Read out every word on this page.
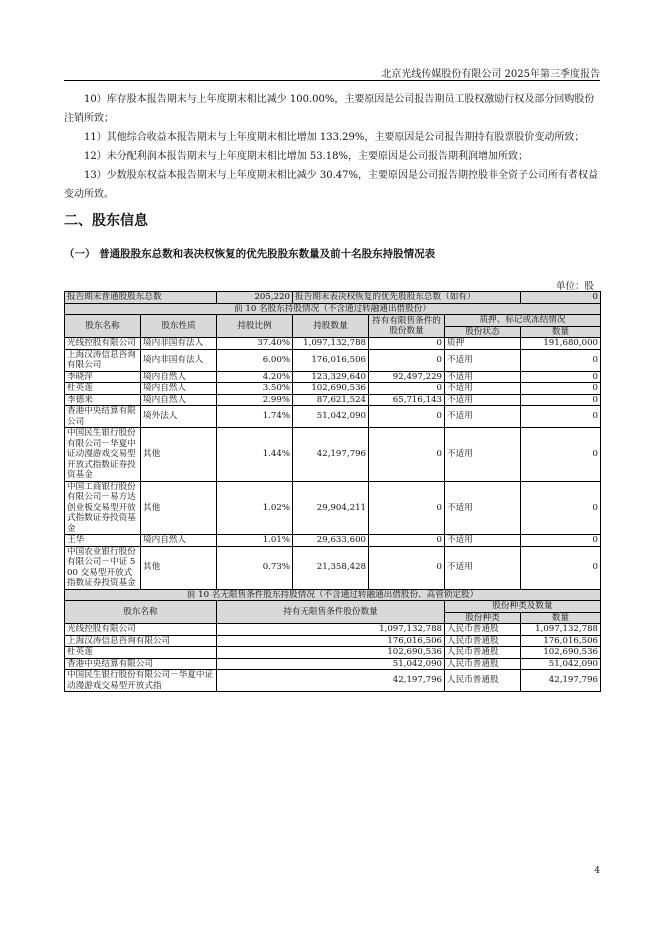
北京光线传媒股份有限公司 2025年第三季度报告
10）库存股本报告期末与上年度期末相比减少 100.00%，主要原因是公司报告期员工股权激励行权及部分回购股份注销所致；
11）其他综合收益本报告期末与上年度期末相比增加 133.29%，主要原因是公司报告期持有股票股价变动所致；
12）未分配利润本报告期末与上年度期末相比增加 53.18%，主要原因是公司报告期利润增加所致；
13）少数股东权益本报告期末与上年度期末相比减少 30.47%，主要原因是公司报告期控股非全资子公司所有者权益变动所致。
二、股东信息
（一） 普通股股东总数和表决权恢复的优先股股东数量及前十名股东持股情况表
单位：股
报告期末普通股股东总数		205,220	报告期末表决权恢复的优先股股东总数（如有）			0
前 10 名股东持股情况（不含通过转融通出借股份）						
股东名称	股东性质	持股比例	持股数量	持有有限售条件的股份数量	质押、标记或冻结情况	
					股份状态	数量
光线控股有限公司	境内非国有法人	37.40%	1,097,132,788	0	质押	191,680,000
上海汉涛信息咨询有限公司	境内非国有法人	6.00%	176,016,506	0	不适用	0
李晓萍	境内自然人	4.20%	123,329,640	92,497,229	不适用	0
杜英莲	境内自然人	3.50%	102,690,536	0	不适用	0
李德来	境内自然人	2.99%	87,621,524	65,716,143	不适用	0
香港中央结算有限公司	境外法人	1.74%	51,042,090	0	不适用	0
中国民生银行股份有限公司－华夏中证动漫游戏交易型开放式指数证券投资基金	其他	1.44%	42,197,796	0	不适用	0
中国工商银行股份有限公司－易方达创业板交易型开放式指数证券投资基金	其他	1.02%	29,904,211	0	不适用	0
王华	境内自然人	1.01%	29,633,600	0	不适用	0
中国农业银行股份有限公司－中证 500 交易型开放式指数证券投资基金	其他	0.73%	21,358,428	0	不适用	0
前 10 名无限售条件股东持股情况（不含通过转融通出借股份、高管锁定股）						
股东名称		持有无限售条件股份数量			股份种类及数量	
					股份种类	数量
光线控股有限公司		1,097,132,788			人民币普通股	1,097,132,788
上海汉涛信息咨询有限公司		176,016,506			人民币普通股	176,016,506
杜英莲		102,690,536			人民币普通股	102,690,536
香港中央结算有限公司		51,042,090			人民币普通股	51,042,090
中国民生银行股份有限公司－华夏中证动漫游戏交易型开放式指		42,197,796			人民币普通股	42,197,796
4
